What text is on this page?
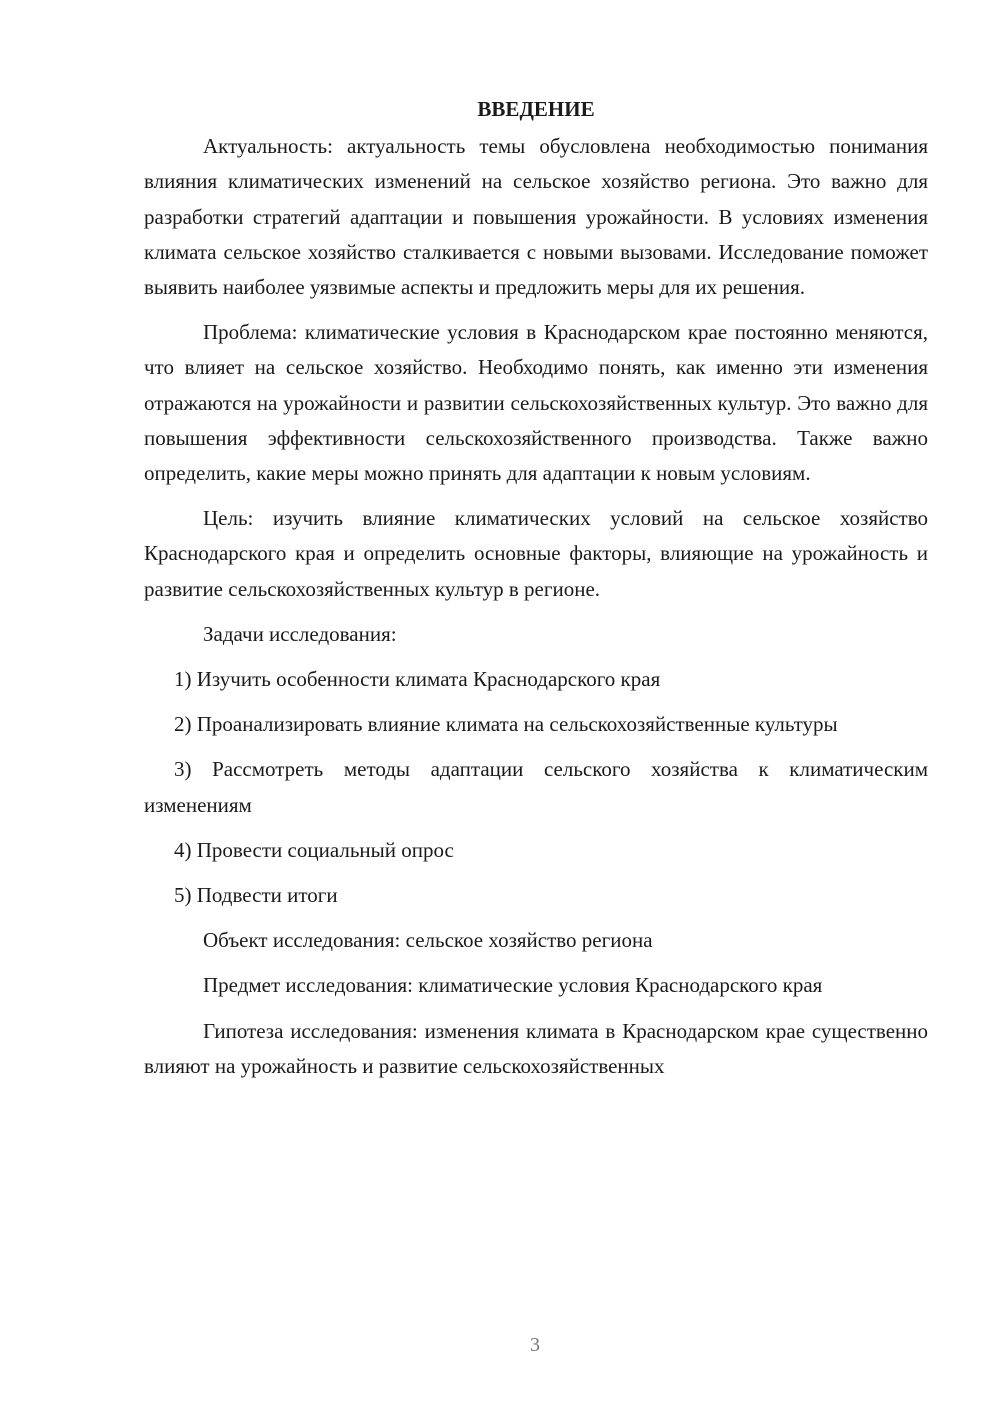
ВВЕДЕНИЕ

Актуальность: актуальность темы обусловлена необходимостью понимания влияния климатических изменений на сельское хозяйство региона. Это важно для разработки стратегий адаптации и повышения урожайности. В условиях изменения климата сельское хозяйство сталкивается с новыми вызовами. Исследование поможет выявить наиболее уязвимые аспекты и предложить меры для их решения.

Проблема: климатические условия в Краснодарском крае постоянно меняются, что влияет на сельское хозяйство. Необходимо понять, как именно эти изменения отражаются на урожайности и развитии сельскохозяйственных культур. Это важно для повышения эффективности сельскохозяйственного производства. Также важно определить, какие меры можно принять для адаптации к новым условиям.

Цель: изучить влияние климатических условий на сельское хозяйство Краснодарского края и определить основные факторы, влияющие на урожайность и развитие сельскохозяйственных культур в регионе.

Задачи исследования:

1) Изучить особенности климата Краснодарского края

2) Проанализировать влияние климата на сельскохозяйственные культуры

3) Рассмотреть методы адаптации сельского хозяйства к климатическим изменениям

4) Провести социальный опрос

5) Подвести итоги

Объект исследования: сельское хозяйство региона

Предмет исследования: климатические условия Краснодарского края

Гипотеза исследования: изменения климата в Краснодарском крае существенно влияют на урожайность и развитие сельскохозяйственных

3
